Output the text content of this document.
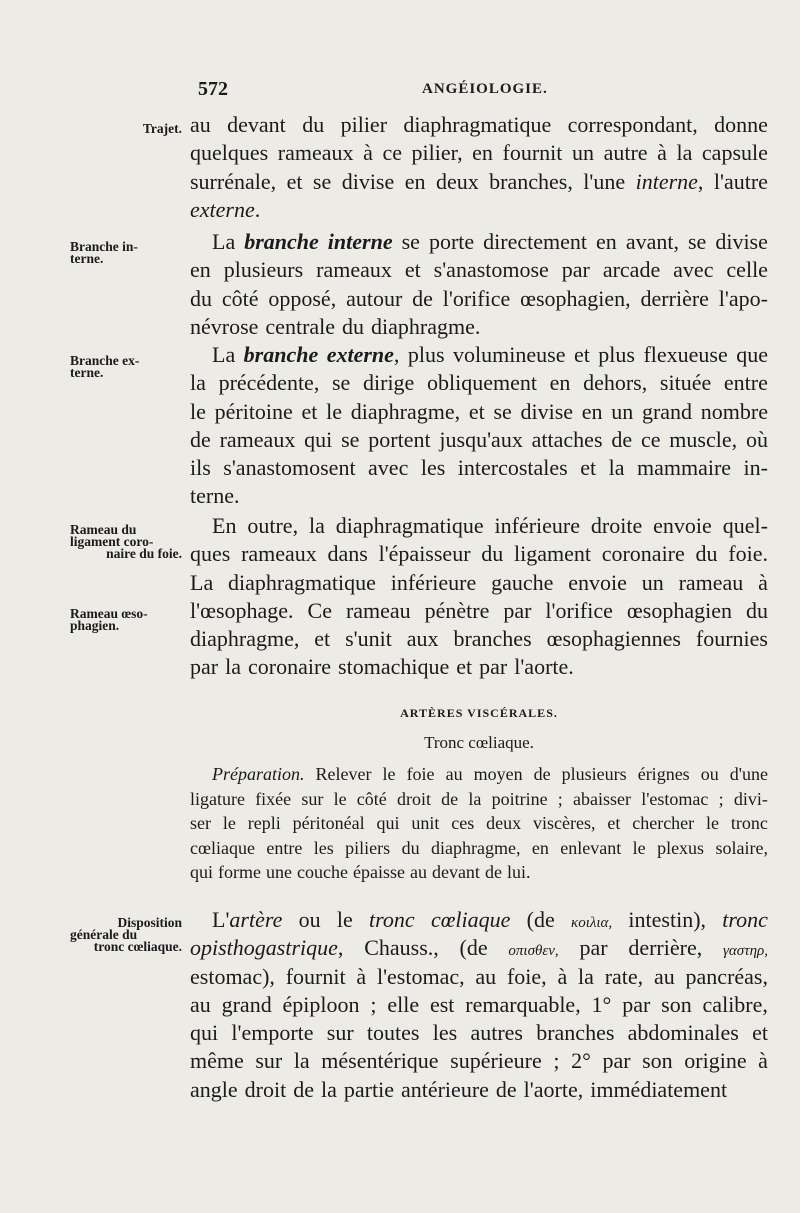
572	ANGÉIOLOGIE.
Trajet.
Branche in-
terne.
Branche ex-
terne.
Rameau du
ligament coro-
naire du foie.
Rameau œso-
phagien.
Disposition
générale du
tronc cœliaque.
au devant du pilier diaphragmatique correspondant, donne
quelques rameaux à ce pilier, en fournit un autre à la capsule
surrénale, et se divise en deux branches, l'une interne, l'autre
externe.
La branche interne se porte directement en avant, se divise
en plusieurs rameaux et s'anastomose par arcade avec celle
du côté opposé, autour de l'orifice œsophagien, derrière l'apo-
névrose centrale du diaphragme.
La branche externe, plus volumineuse et plus flexueuse que
la précédente, se dirige obliquement en dehors, située entre
le péritoine et le diaphragme, et se divise en un grand nombre
de rameaux qui se portent jusqu'aux attaches de ce muscle, où
ils s'anastomosent avec les intercostales et la mammaire in-
terne.
En outre, la diaphragmatique inférieure droite envoie quel-
ques rameaux dans l'épaisseur du ligament coronaire du foie.
La diaphragmatique inférieure gauche envoie un rameau à
l'œsophage. Ce rameau pénètre par l'orifice œsophagien du
diaphragme, et s'unit aux branches œsophagiennes fournies
par la coronaire stomachique et par l'aorte.
ARTÈRES VISCÉRALES.
Tronc cœliaque.
Préparation. Relever le foie au moyen de plusieurs érignes ou d'une
ligature fixée sur le côté droit de la poitrine ; abaisser l'estomac ; divi-
ser le repli péritonéal qui unit ces deux viscères, et chercher le tronc
cœliaque entre les piliers du diaphragme, en enlevant le plexus solaire,
qui forme une couche épaisse au devant de lui.
L'artère ou le tronc cœliaque (de κοιλια, intestin), tronc
opisthogastrique, Chauss., (de οπισθεν, par derrière, γαστηρ,
estomac), fournit à l'estomac, au foie, à la rate, au pancréas,
au grand épiploon ; elle est remarquable, 1° par son calibre,
qui l'emporte sur toutes les autres branches abdominales et
même sur la mésentérique supérieure ; 2° par son origine à
angle droit de la partie antérieure de l'aorte, immédiatement
